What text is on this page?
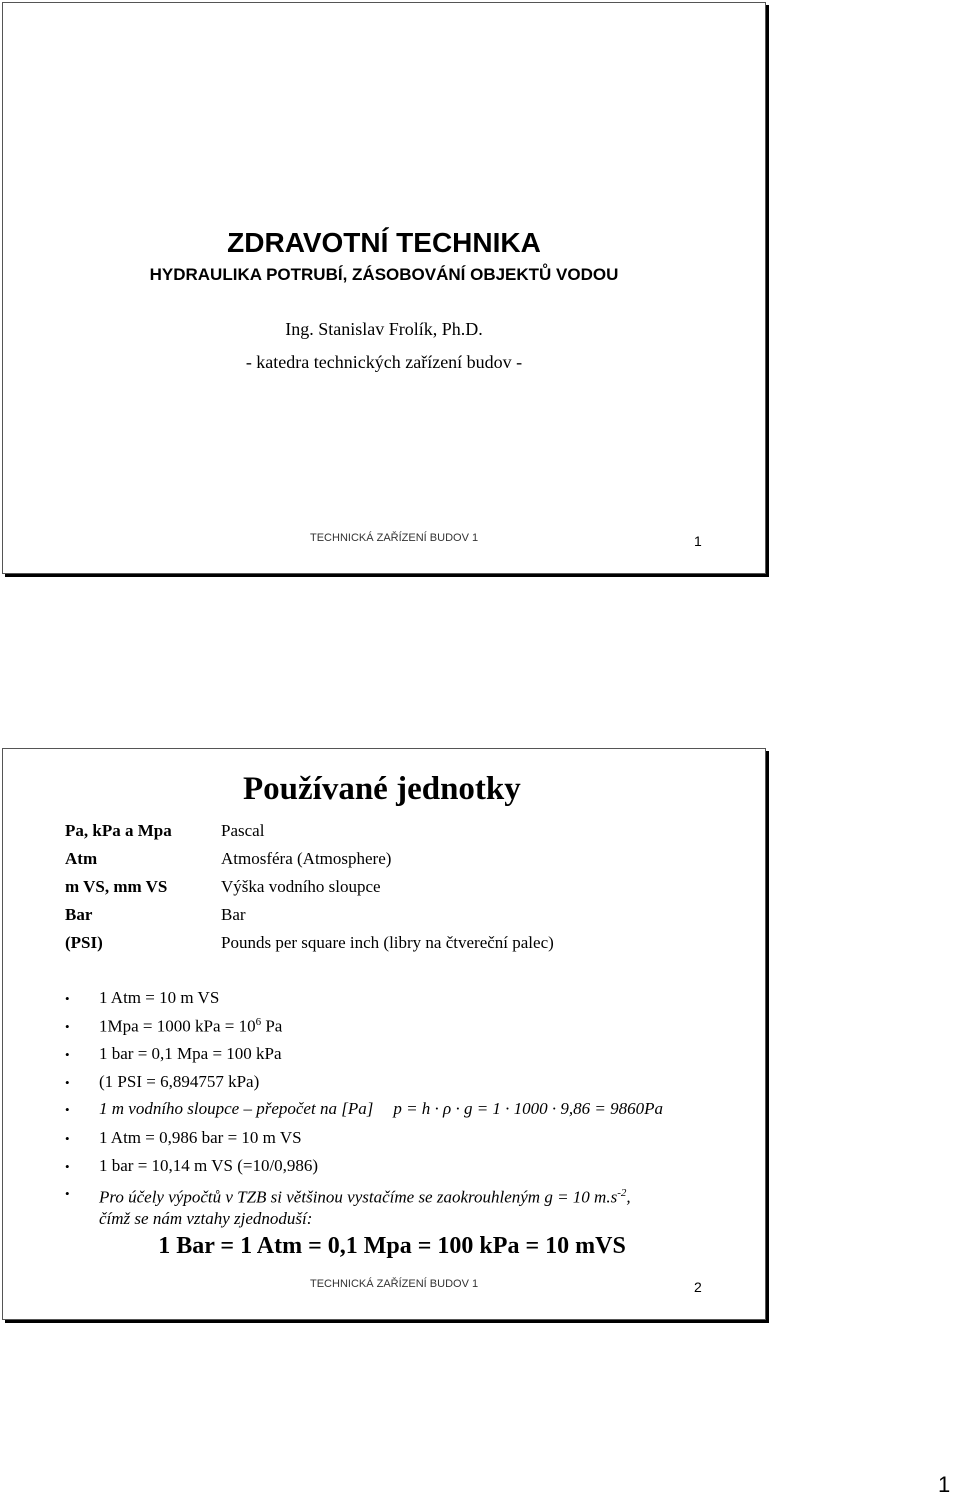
ZDRAVOTNÍ TECHNIKA
HYDRAULIKA POTRUBÍ, ZÁSOBOVÁNÍ OBJEKTŮ VODOU
Ing. Stanislav Frolík, Ph.D.
- katedra technických zařízení budov -
TECHNICKÁ ZAŘÍZENÍ BUDOV 1	1
Používané jednotky
Pa, kPa a Mpa	Pascal
Atm	Atmosféra (Atmosphere)
m VS, mm VS	Výška vodního sloupce
Bar	Bar
(PSI)	Pounds per square inch (libry na čtvereční palec)
•	1 Atm = 10 m VS
•	1Mpa = 1000 kPa = $10^6$ Pa
•	1 bar = 0,1 Mpa = 100 kPa
•	(1 PSI = 6,894757 kPa)
•	1 m vodního sloupce – přepočet na [Pa] p = h · ρ · g = 1 · 1000 · 9,86 = 9860Pa
•	1 Atm = 0,986 bar = 10 m VS
•	1 bar = 10,14 m VS (=10/0,986)
•	Pro účely výpočtů v TZB si většinou vystačíme se zaokrouhleným g = 10 $m.s^{-2}$,
čímž se nám vztahy zjednoduší:
1 Bar = 1 Atm = 0,1 Mpa = 100 kPa = 10 mVS
TECHNICKÁ ZAŘÍZENÍ BUDOV 1	2
1
